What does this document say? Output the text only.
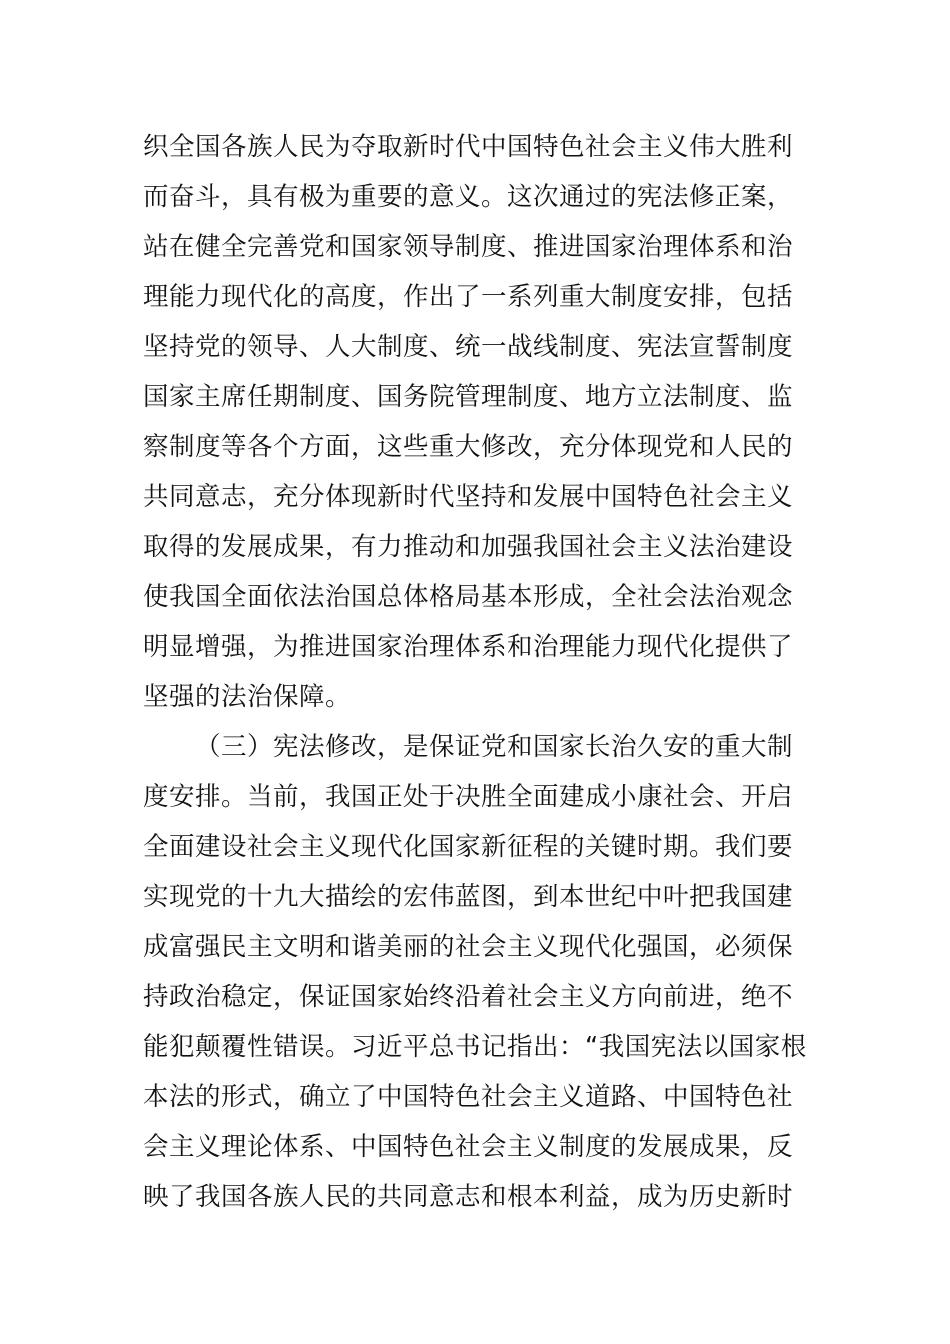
织全国各族人民为夺取新时代中国特色社会主义伟大胜利
而奋斗，具有极为重要的意义。这次通过的宪法修正案，
站在健全完善党和国家领导制度、推进国家治理体系和治
理能力现代化的高度，作出了一系列重大制度安排，包括
坚持党的领导、人大制度、统一战线制度、宪法宣誓制度
国家主席任期制度、国务院管理制度、地方立法制度、监
察制度等各个方面，这些重大修改，充分体现党和人民的
共同意志，充分体现新时代坚持和发展中国特色社会主义
取得的发展成果，有力推动和加强我国社会主义法治建设
使我国全面依法治国总体格局基本形成，全社会法治观念
明显增强，为推进国家治理体系和治理能力现代化提供了
坚强的法治保障。
（三）宪法修改，是保证党和国家长治久安的重大制
度安排。当前，我国正处于决胜全面建成小康社会、开启
全面建设社会主义现代化国家新征程的关键时期。我们要
实现党的十九大描绘的宏伟蓝图，到本世纪中叶把我国建
成富强民主文明和谐美丽的社会主义现代化强国，必须保
持政治稳定，保证国家始终沿着社会主义方向前进，绝不
能犯颠覆性错误。习近平总书记指出：“我国宪法以国家根
本法的形式，确立了中国特色社会主义道路、中国特色社
会主义理论体系、中国特色社会主义制度的发展成果，反
映了我国各族人民的共同意志和根本利益，成为历史新时
